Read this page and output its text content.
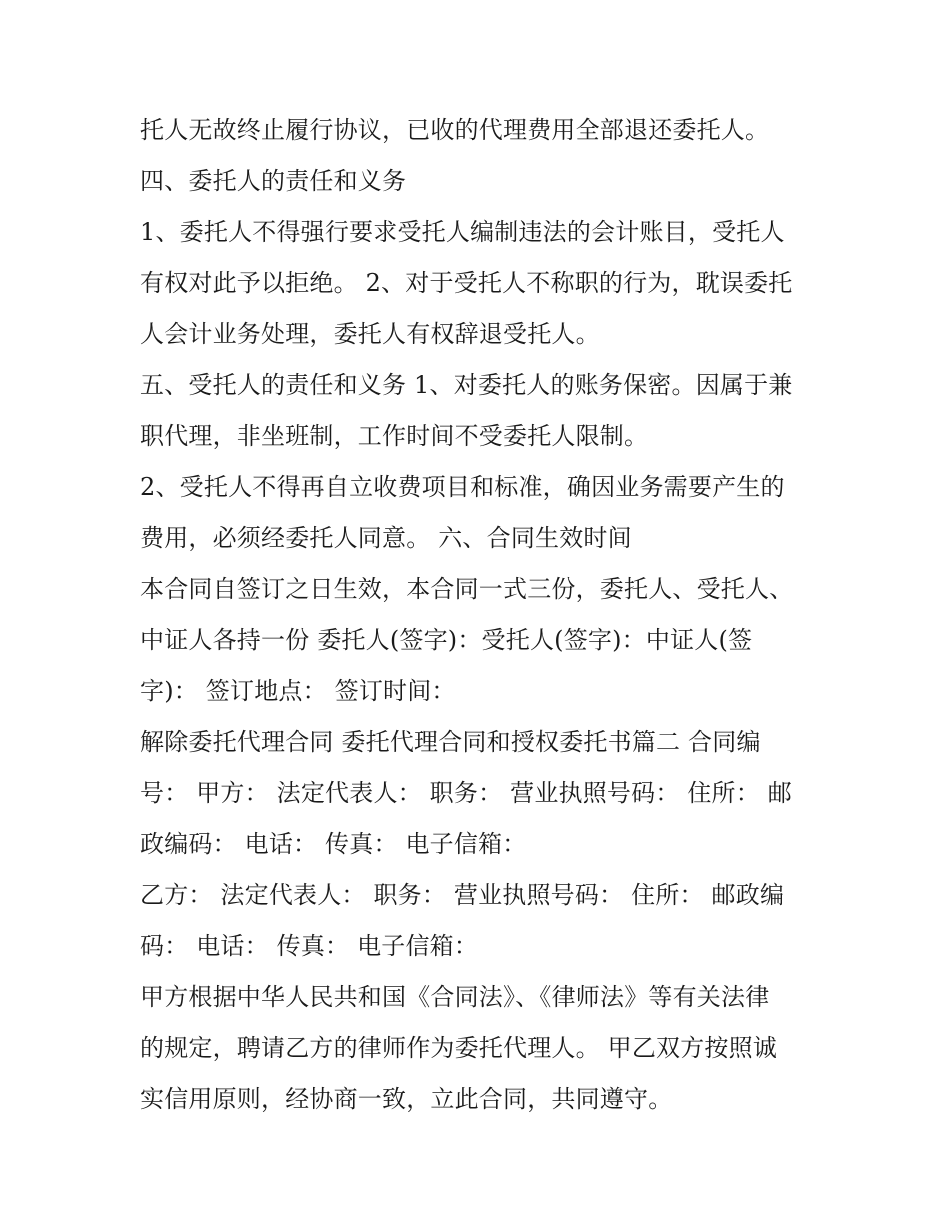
托人无故终止履行协议，已收的代理费用全部退还委托人。
四、委托人的责任和义务
1、委托人不得强行要求受托人编制违法的会计账目，受托人
有权对此予以拒绝。 2、对于受托人不称职的行为，耽误委托
人会计业务处理，委托人有权辞退受托人。
五、受托人的责任和义务 1、对委托人的账务保密。因属于兼
职代理，非坐班制，工作时间不受委托人限制。
2、受托人不得再自立收费项目和标准，确因业务需要产生的
费用，必须经委托人同意。 六、合同生效时间
本合同自签订之日生效，本合同一式三份，委托人、受托人、
中证人各持一份 委托人(签字)：受托人(签字)：中证人(签
字)： 签订地点： 签订时间：
解除委托代理合同 委托代理合同和授权委托书篇二 合同编
号： 甲方： 法定代表人： 职务： 营业执照号码： 住所： 邮
政编码： 电话： 传真： 电子信箱：
乙方： 法定代表人： 职务： 营业执照号码： 住所： 邮政编
码： 电话： 传真： 电子信箱：
甲方根据中华人民共和国《合同法》、《律师法》等有关法律
的规定，聘请乙方的律师作为委托代理人。 甲乙双方按照诚
实信用原则，经协商一致，立此合同，共同遵守。
